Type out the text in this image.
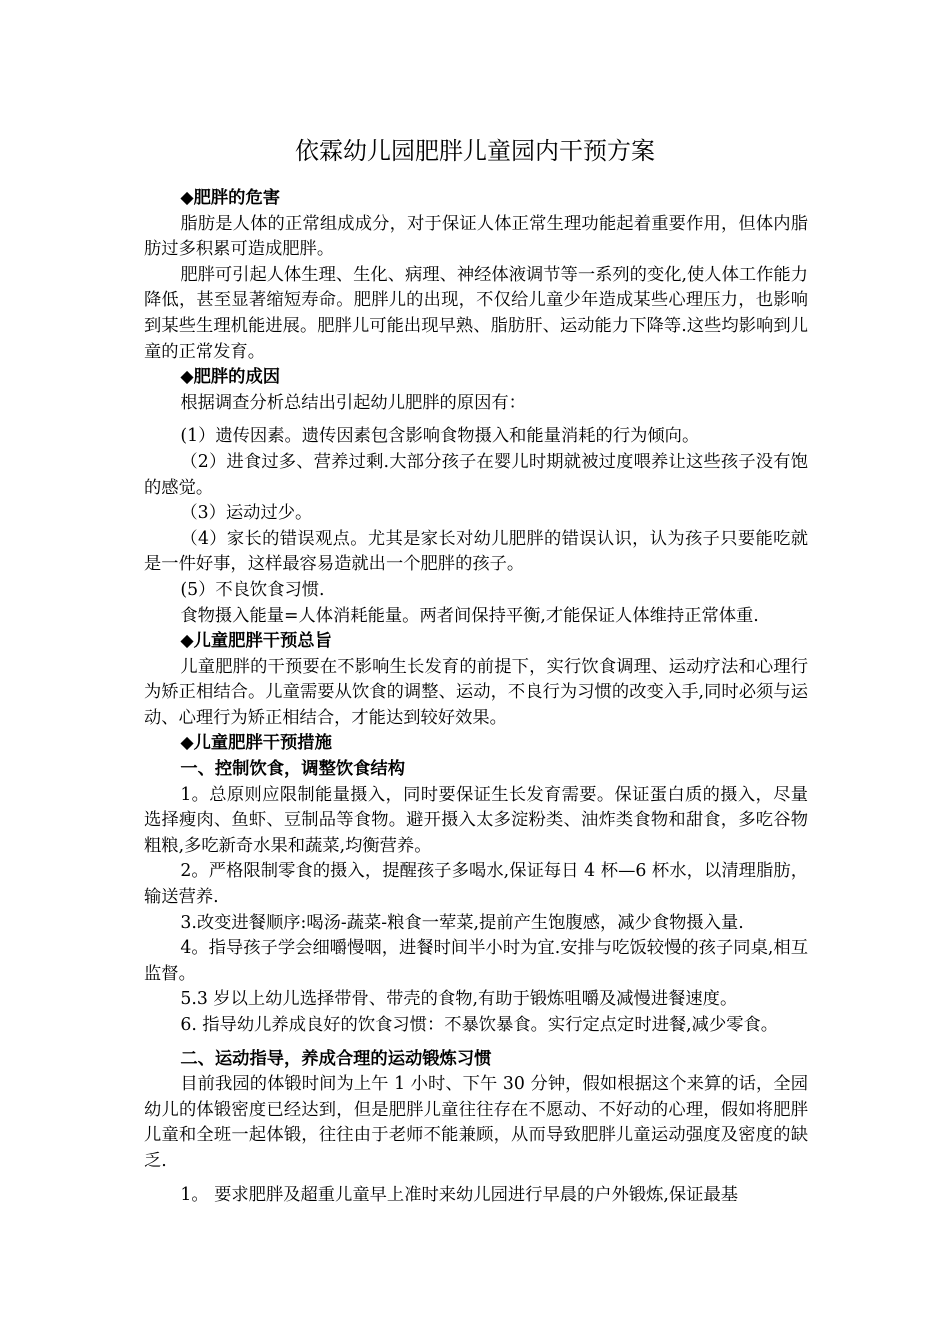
依霖幼儿园肥胖儿童园内干预方案

◆肥胖的危害

脂肪是人体的正常组成成分，对于保证人体正常生理功能起着重要作用，但体内脂肪过多积累可造成肥胖。

肥胖可引起人体生理、生化、病理、神经体液调节等一系列的变化,使人体工作能力降低，甚至显著缩短寿命。肥胖儿的出现，不仅给儿童少年造成某些心理压力，也影响到某些生理机能进展。肥胖儿可能出现早熟、脂肪肝、运动能力下降等.这些均影响到儿童的正常发育。

◆肥胖的成因

根据调查分析总结出引起幼儿肥胖的原因有：

(1）遗传因素。遗传因素包含影响食物摄入和能量消耗的行为倾向。

（2）进食过多、营养过剩.大部分孩子在婴儿时期就被过度喂养让这些孩子没有饱的感觉。

（3）运动过少。

（4）家长的错误观点。尤其是家长对幼儿肥胖的错误认识，认为孩子只要能吃就是一件好事，这样最容易造就出一个肥胖的孩子。

(5）不良饮食习惯.

食物摄入能量=人体消耗能量。两者间保持平衡,才能保证人体维持正常体重.

◆儿童肥胖干预总旨

儿童肥胖的干预要在不影响生长发育的前提下，实行饮食调理、运动疗法和心理行为矫正相结合。儿童需要从饮食的调整、运动，不良行为习惯的改变入手,同时必须与运动、心理行为矫正相结合，才能达到较好效果。

◆儿童肥胖干预措施

一、控制饮食，调整饮食结构

1。总原则应限制能量摄入，同时要保证生长发育需要。保证蛋白质的摄入，尽量选择瘦肉、鱼虾、豆制品等食物。避开摄入太多淀粉类、油炸类食物和甜食，多吃谷物粗粮,多吃新奇水果和蔬菜,均衡营养。

2。严格限制零食的摄入，提醒孩子多喝水,保证每日 4 杯—6 杯水，以清理脂肪，输送营养.

3.改变进餐顺序:喝汤-蔬菜-粮食一荤菜,提前产生饱腹感，减少食物摄入量.

4。指导孩子学会细嚼慢咽，进餐时间半小时为宜.安排与吃饭较慢的孩子同桌,相互监督。

5.3 岁以上幼儿选择带骨、带壳的食物,有助于锻炼咀嚼及减慢进餐速度。

6. 指导幼儿养成良好的饮食习惯：不暴饮暴食。实行定点定时进餐,减少零食。

二、运动指导，养成合理的运动锻炼习惯

目前我园的体锻时间为上午 1 小时、下午 30 分钟，假如根据这个来算的话，全园幼儿的体锻密度已经达到，但是肥胖儿童往往存在不愿动、不好动的心理，假如将肥胖儿童和全班一起体锻，往往由于老师不能兼顾，从而导致肥胖儿童运动强度及密度的缺乏.

1。 要求肥胖及超重儿童早上准时来幼儿园进行早晨的户外锻炼,保证最基
